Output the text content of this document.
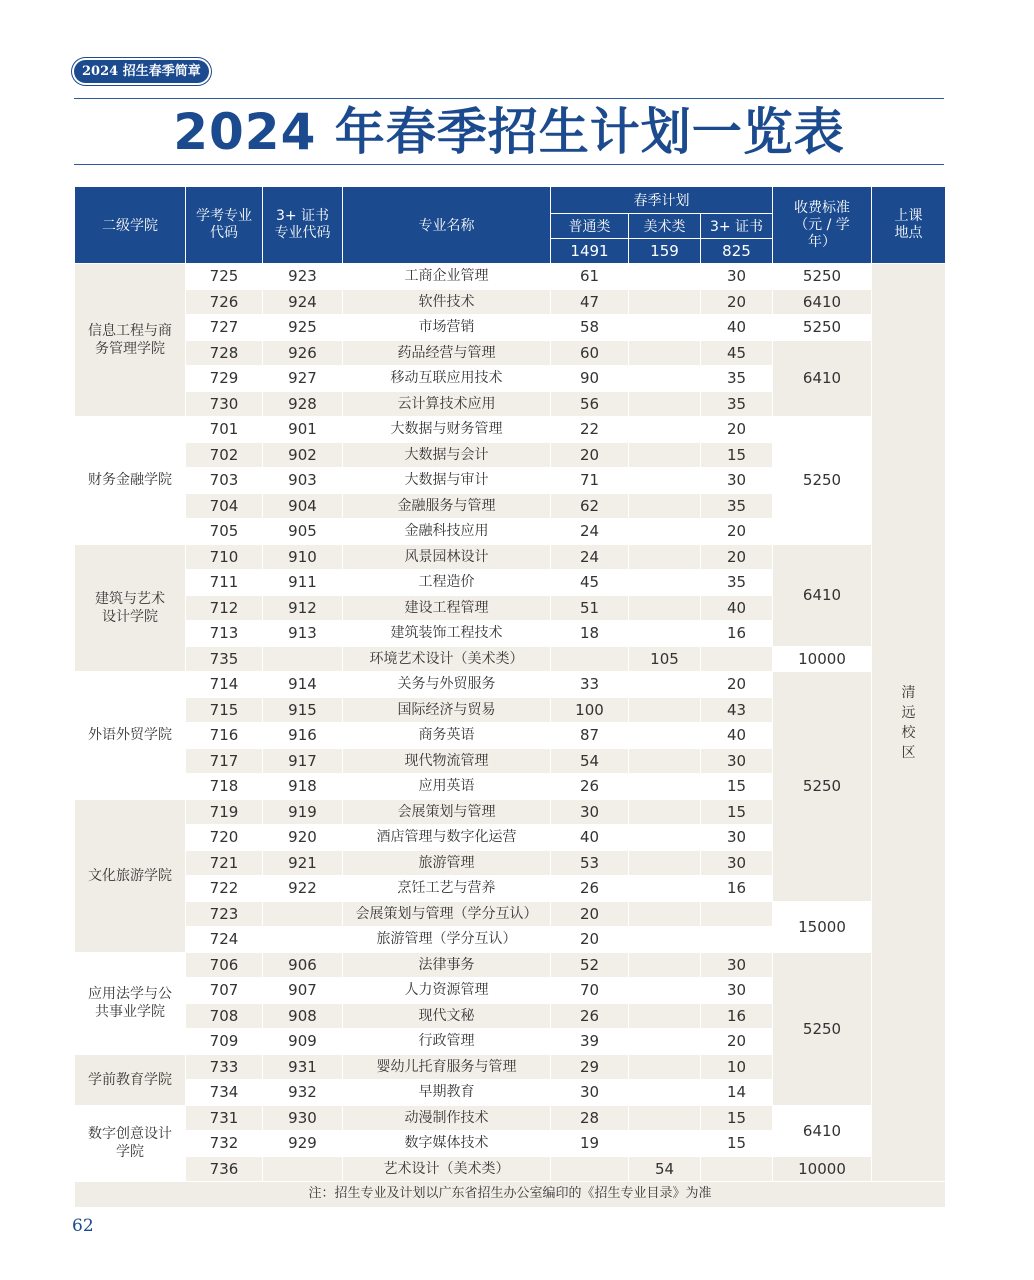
2024 招生春季简章
2024 年春季招生计划一览表
二级学院	学考专业代码	3+ 证书专业代码	专业名称	春季计划			收费标准（元 / 学年）	上课地点
				普通类	美术类	3+ 证书		
				1491	159	825		

信息工程与商
务管理学院	725	923	工商企业管理	61		30	5250	清远校区
	726	924	软件技术	47		20	6410	
	727	925	市场营销	58		40	5250	
	728	926	药品经营与管理	60		45	6410	
	729	927	移动互联应用技术	90		35		
	730	928	云计算技术应用	56		35		

财务金融学院	701	901	大数据与财务管理	22		20	5250	
	702	902	大数据与会计	20		15		
	703	903	大数据与审计	71		30		
	704	904	金融服务与管理	62		35		
	705	905	金融科技应用	24		20		

建筑与艺术
设计学院	710	910	风景园林设计	24		20	6410	
	711	911	工程造价	45		35		
	712	912	建设工程管理	51		40		
	713	913	建筑装饰工程技术	18		16		
	735		环境艺术设计（美术类）		105		10000	

外语外贸学院	714	914	关务与外贸服务	33		20	5250	
	715	915	国际经济与贸易	100		43		
	716	916	商务英语	87		40		
	717	917	现代物流管理	54		30		
	718	918	应用英语	26		15		

文化旅游学院	719	919	会展策划与管理	30		15		
	720	920	酒店管理与数字化运营	40		30		
	721	921	旅游管理	53		30		
	722	922	烹饪工艺与营养	26		16		
	723		会展策划与管理（学分互认）	20			15000	
	724		旅游管理（学分互认）	20				

应用法学与公
共事业学院	706	906	法律事务	52		30	5250	
	707	907	人力资源管理	70		30		
	708	908	现代文秘	26		16		
	709	909	行政管理	39		20		

学前教育学院	733	931	婴幼儿托育服务与管理	29		10		
	734	932	早期教育	30		14		

数字创意设计
学院	731	930	动漫制作技术	28		15	6410	
	732	929	数字媒体技术	19		15		
	736		艺术设计（美术类）		54		10000	
注：招生专业及计划以广东省招生办公室编印的《招生专业目录》为准								
62
